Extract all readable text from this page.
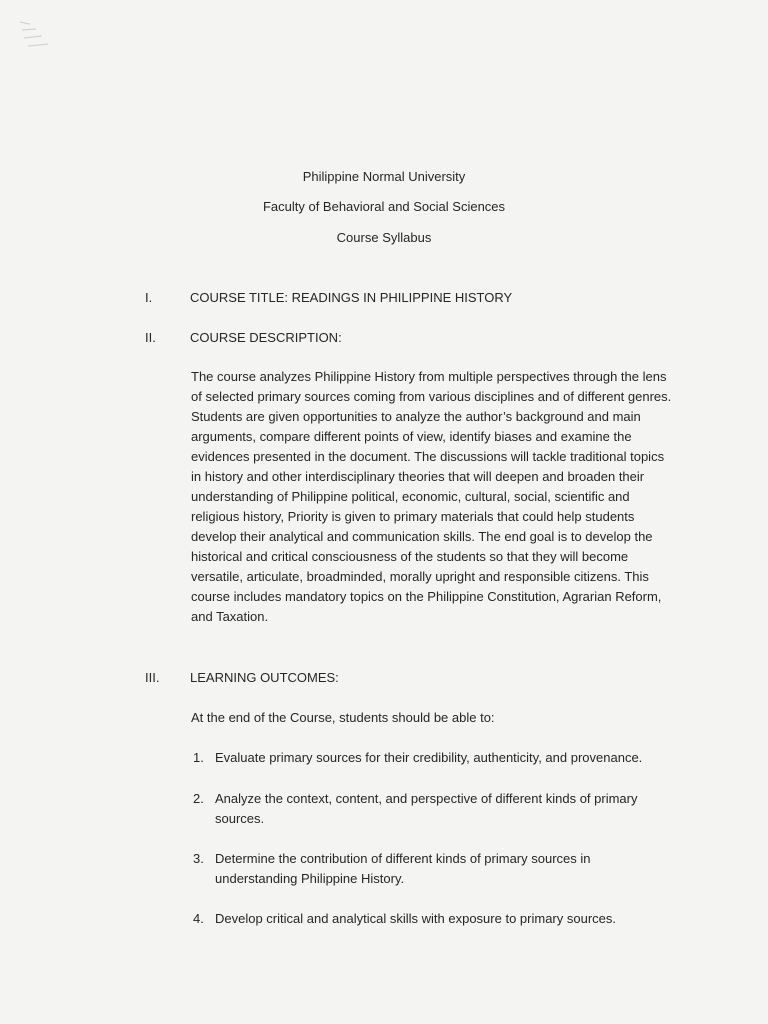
Philippine Normal University
Faculty of Behavioral and Social Sciences
Course Syllabus
I.	COURSE TITLE: READINGS IN PHILIPPINE HISTORY
II.	COURSE DESCRIPTION:
The course analyzes Philippine History from multiple perspectives through the lens
of selected primary sources coming from various disciplines and of different genres.
Students are given opportunities to analyze the author’s background and main
arguments, compare different points of view, identify biases and examine the
evidences presented in the document. The discussions will tackle traditional topics
in history and other interdisciplinary theories that will deepen and broaden their
understanding of Philippine political, economic, cultural, social, scientific and
religious history, Priority is given to primary materials that could help students
develop their analytical and communication skills. The end goal is to develop the
historical and critical consciousness of the students so that they will become
versatile, articulate, broadminded, morally upright and responsible citizens. This
course includes mandatory topics on the Philippine Constitution, Agrarian Reform,
and Taxation.
III. LEARNING OUTCOMES:
At the end of the Course, students should be able to:
1. Evaluate primary sources for their credibility, authenticity, and provenance.
2. Analyze the context, content, and perspective of different kinds of primary
sources.
3. Determine the contribution of different kinds of primary sources in
understanding Philippine History.
4. Develop critical and analytical skills with exposure to primary sources.
